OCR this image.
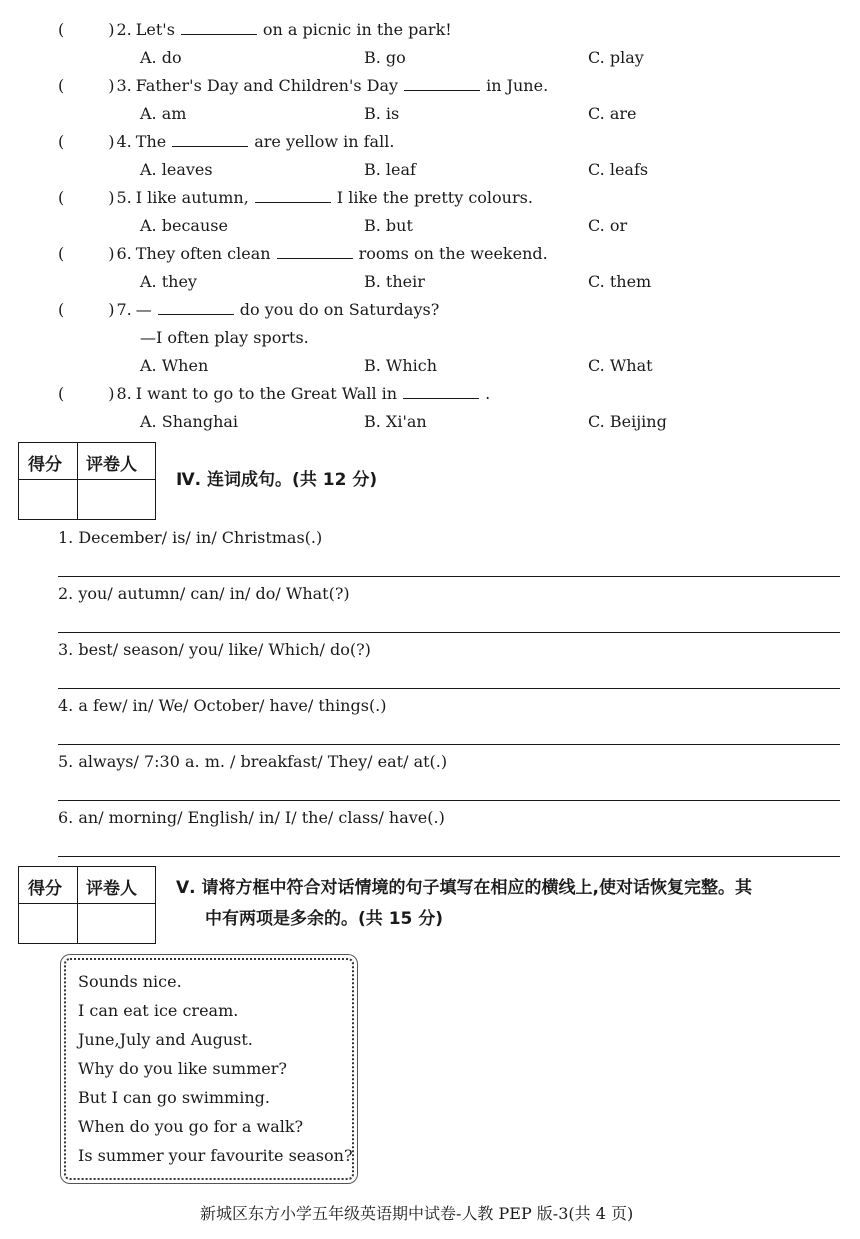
(	) 2. Let's	on a picnic in the park!
A. do	B. go	C. play
(	) 3. Father's Day and Children's Day	in June.
A. am	B. is	C. are
(	) 4. The	are yellow in fall.
A. leaves	B. leaf	C. leafs
(	) 5. I like autumn,	I like the pretty colours.
A. because	B. but	C. or
(	) 6. They often clean	rooms on the weekend.
A. they	B. their	C. them
(	) 7. —	do you do on Saturdays?
—I often play sports.
A. When	B. Which	C. What
(	) 8. I want to go to the Great Wall in	.
A. Shanghai	B. Xi'an	C. Beijing
得分 评卷人
Ⅳ. 连词成句。(共 12 分)
1. December/ is/ in/ Christmas(.)
2. you/ autumn/ can/ in/ do/ What(?)
3. best/ season/ you/ like/ Which/ do(?)
4. a few/ in/ We/ October/ have/ things(.)
5. always/ 7:30 a. m. / breakfast/ They/ eat/ at(.)
6. an/ morning/ English/ in/ I/ the/ class/ have(.)
得分 评卷人 Ⅴ. 请将方框中符合对话情境的句子填写在相应的横线上,使对话恢复完整。其
中有两项是多余的。(共 15 分)
Sounds nice.
I can eat ice cream.
June,July and August.
Why do you like summer?
But I can go swimming.
When do you go for a walk?
Is summer your favourite season?
新城区东方小学五年级英语期中试卷-人教 PEP 版-3(共 4 页)
